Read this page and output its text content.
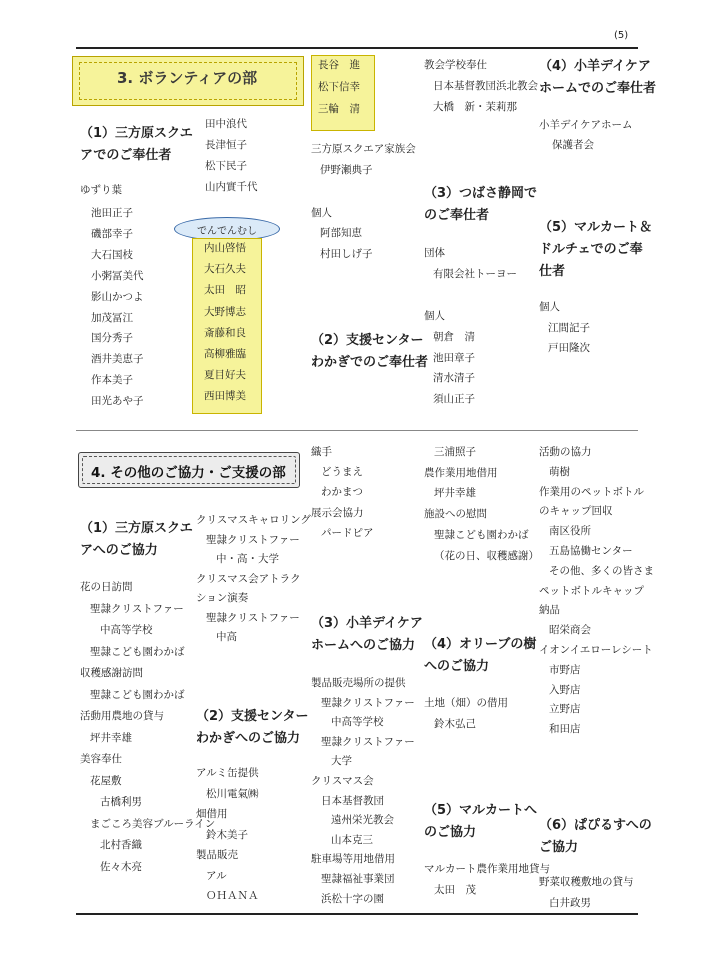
(5)
3. ボランティアの部
（1）三方原スクエ
アでのご奉仕者
ゆずり葉
池田正子
磯部幸子
大石国枝
小粥冨美代
影山かつよ
加茂冨江
国分秀子
酒井美恵子
作本美子
田光あや子
田中浪代
長津恒子
松下民子
山内實千代
でんでんむし
内山啓悟
大石久夫
太田　昭
大野博志
斎藤和良
高柳雅臨
夏目好夫
西田博美
長谷　進
松下信幸
三輪　清
三方原スクエア家族会
伊野瀬典子
個人
阿部知恵
村田しげ子
（2）支援センター
わかぎでのご奉仕者
教会学校奉仕
日本基督教団浜北教会
大橋　新・茉莉那
（3）つばさ静岡で
のご奉仕者
団体
有限会社トーヨー
個人
朝倉　清
池田章子
清水清子
須山正子
（4）小羊デイケア
ホームでのご奉仕者
小羊デイケアホーム
保護者会
（5）マルカート＆
ドルチェでのご奉
仕者
個人
江間記子
戸田隆次
4. その他のご協力・ご支援の部
（1）三方原スクエ
アへのご協力
花の日訪問
聖隷クリストファー
中高等学校
聖隷こども園わかば
収穫感謝訪問
聖隷こども園わかば
活動用農地の貸与
坪井幸雄
美容奉仕
花屋敷
古橋利男
まごころ美容ブルーライン
北村香織
佐々木亮
クリスマスキャロリング
聖隷クリストファー
中・高・大学
クリスマス会アトラク
ション演奏
聖隷クリストファー
中高
（2）支援センター
わかぎへのご協力
アルミ缶提供
松川電氣㈱
畑借用
鈴木美子
製品販売
アル
ＯＨＡＮＡ
織手
どうまえ
わかまつ
展示会協力
パードピア
（3）小羊デイケア
ホームへのご協力
製品販売場所の提供
聖隷クリストファー
中高等学校
聖隷クリストファー
大学
クリスマス会
日本基督教団
遠州栄光教会
山本克三
駐車場等用地借用
聖隷福祉事業団
浜松十字の園
三浦照子
農作業用地借用
坪井幸雄
施設への慰問
聖隷こども園わかば
（花の日、収穫感謝）
（4）オリーブの樹
へのご協力
土地（畑）の借用
鈴木弘己
（5）マルカートへ
のご協力
マルカート農作業用地貸与
太田　茂
活動の協力
萌樹
作業用のペットボトル
のキャップ回収
南区役所
五島協働センター
その他、多くの皆さま
ペットボトルキャップ
納品
昭栄商会
イオンイエローレシート
市野店
入野店
立野店
和田店
（6）ぱぴるすへの
ご協力
野菜収穫敷地の貸与
白井政男
